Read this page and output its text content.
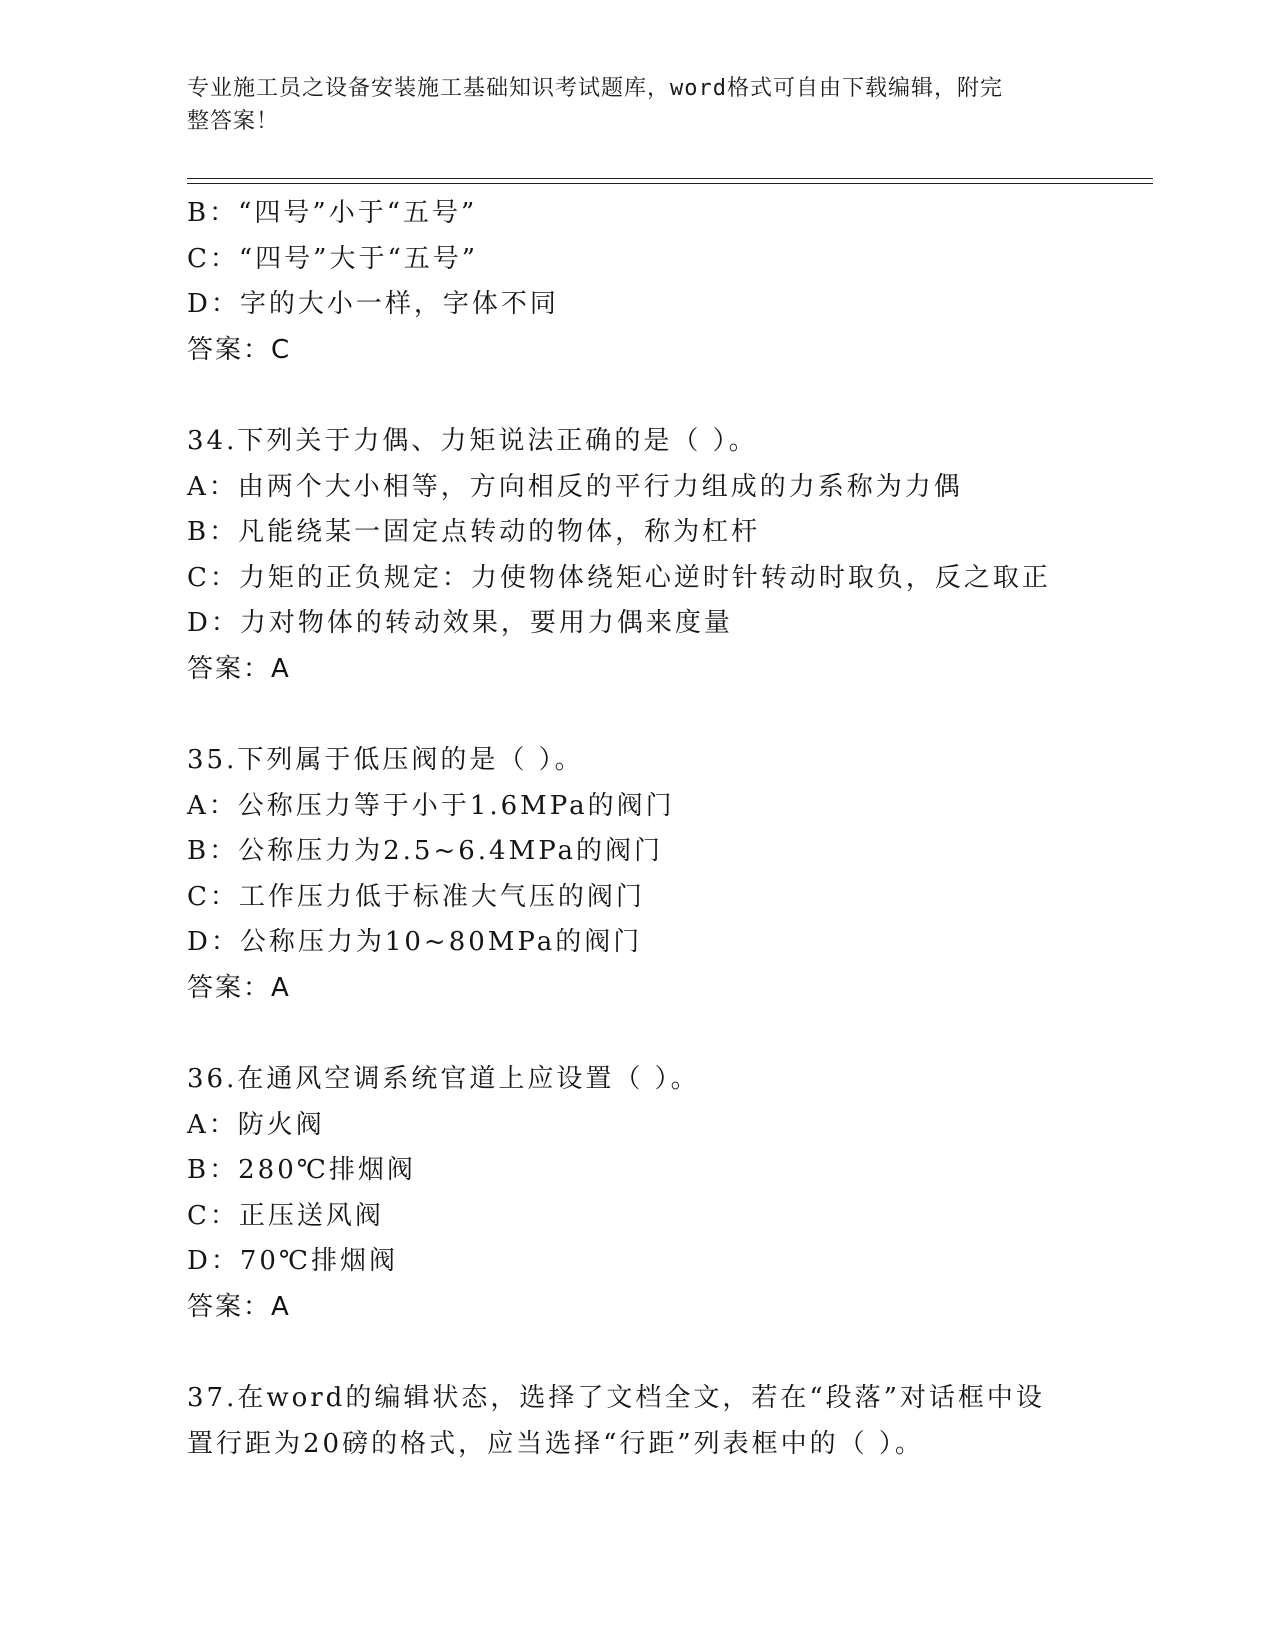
专业施工员之设备安装施工基础知识考试题库，word格式可自由下载编辑，附完
整答案！
B：“四号”小于“五号”
C：“四号”大于“五号”
D：字的大小一样，字体不同
答案：C
34.下列关于力偶、力矩说法正确的是（ ）。
A：由两个大小相等，方向相反的平行力组成的力系称为力偶
B：凡能绕某一固定点转动的物体，称为杠杆
C：力矩的正负规定：力使物体绕矩心逆时针转动时取负，反之取正
D：力对物体的转动效果，要用力偶来度量
答案：A
35.下列属于低压阀的是（ ）。
A：公称压力等于小于1.6MPa的阀门
B：公称压力为2.5~6.4MPa的阀门
C：工作压力低于标准大气压的阀门
D：公称压力为10~80MPa的阀门
答案：A
36.在通风空调系统官道上应设置（ ）。
A：防火阀
B：280℃排烟阀
C：正压送风阀
D：70℃排烟阀
答案：A
37.在word的编辑状态，选择了文档全文，若在“段落”对话框中设
置行距为20磅的格式，应当选择“行距”列表框中的（ ）。
